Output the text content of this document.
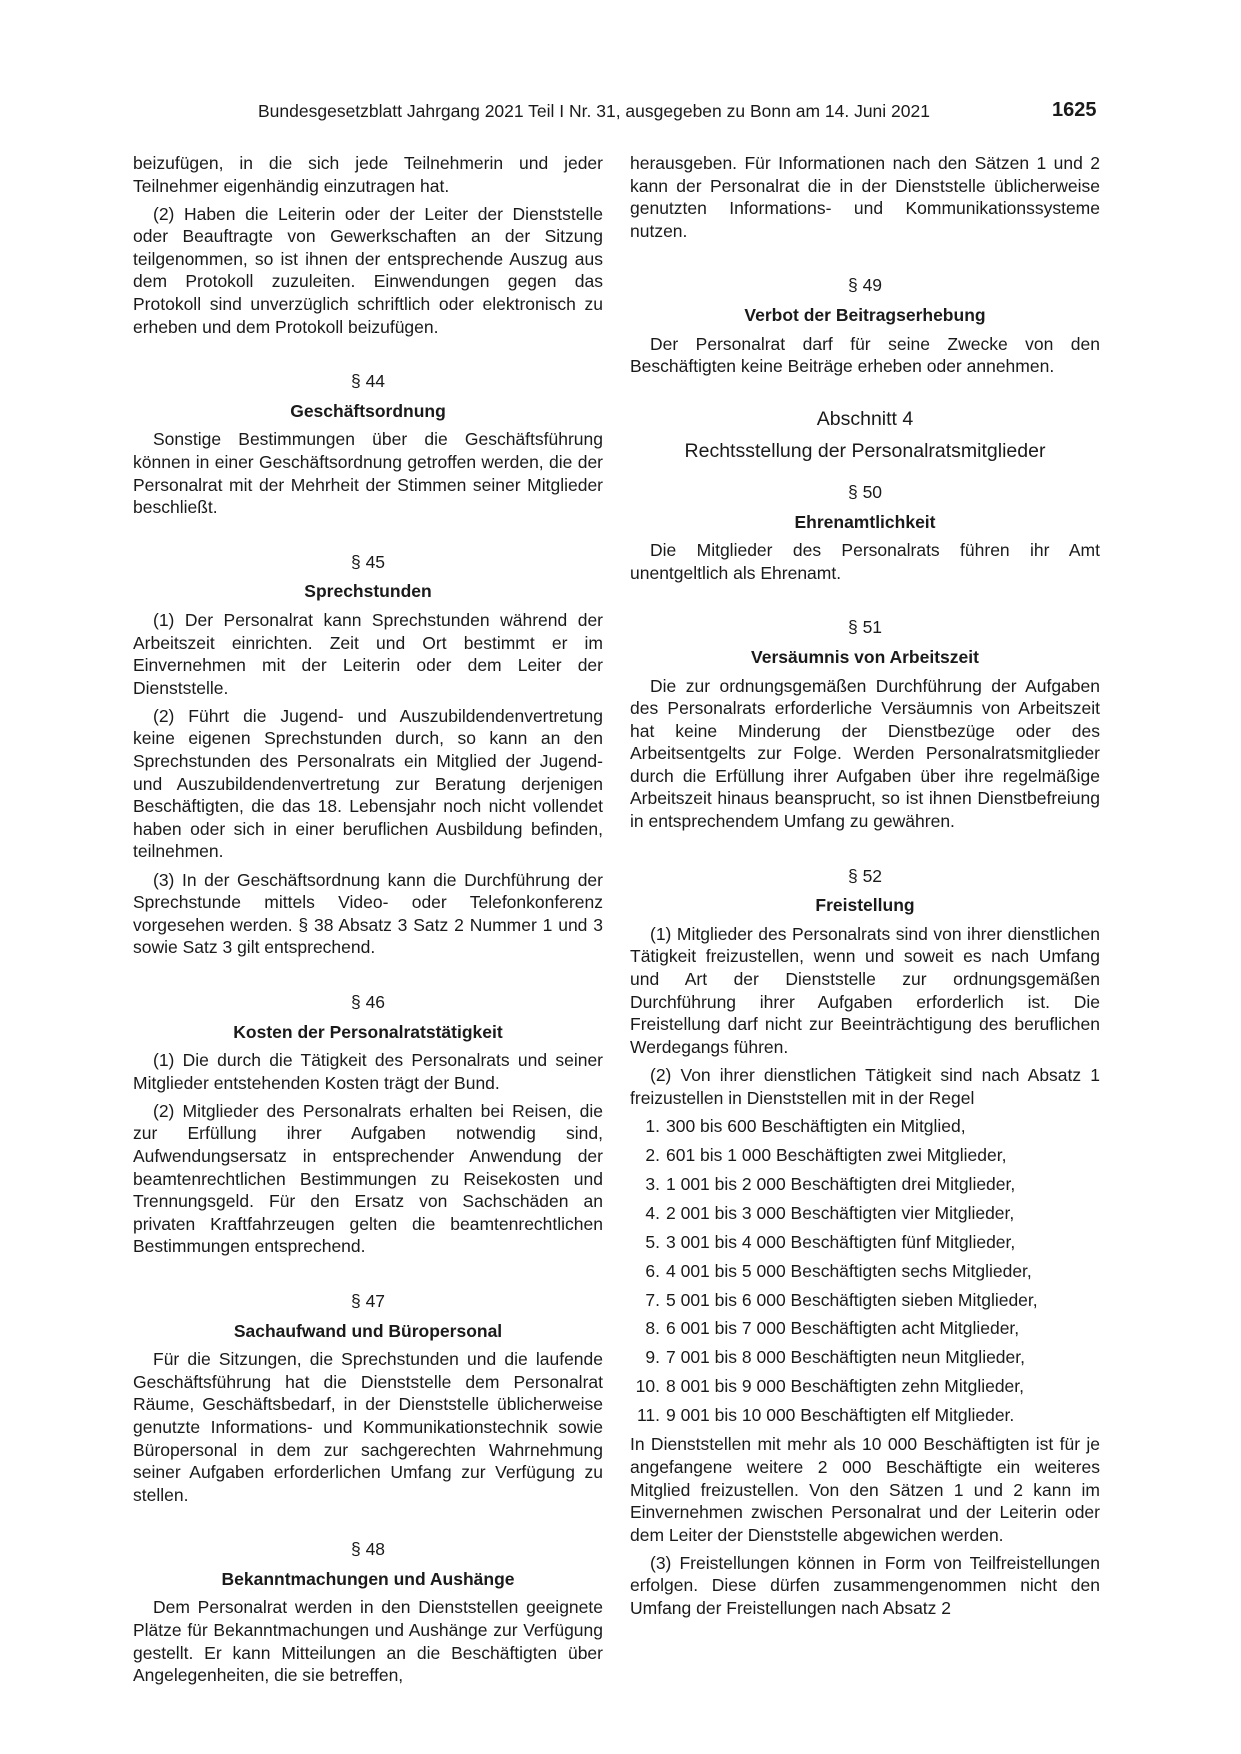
Bundesgesetzblatt Jahrgang 2021 Teil I Nr. 31, ausgegeben zu Bonn am 14. Juni 2021	1625

beizufügen, in die sich jede Teilnehmerin und jeder Teilnehmer eigenhändig einzutragen hat.

(2) Haben die Leiterin oder der Leiter der Dienststelle oder Beauftragte von Gewerkschaften an der Sitzung teilgenommen, so ist ihnen der entsprechende Auszug aus dem Protokoll zuzuleiten. Einwendungen gegen das Protokoll sind unverzüglich schriftlich oder elektronisch zu erheben und dem Protokoll beizufügen.

§ 44
Geschäftsordnung

Sonstige Bestimmungen über die Geschäftsführung können in einer Geschäftsordnung getroffen werden, die der Personalrat mit der Mehrheit der Stimmen seiner Mitglieder beschließt.

§ 45
Sprechstunden

(1) Der Personalrat kann Sprechstunden während der Arbeitszeit einrichten. Zeit und Ort bestimmt er im Einvernehmen mit der Leiterin oder dem Leiter der Dienststelle.

(2) Führt die Jugend- und Auszubildendenvertretung keine eigenen Sprechstunden durch, so kann an den Sprechstunden des Personalrats ein Mitglied der Jugend- und Auszubildendenvertretung zur Beratung derjenigen Beschäftigten, die das 18. Lebensjahr noch nicht vollendet haben oder sich in einer beruflichen Ausbildung befinden, teilnehmen.

(3) In der Geschäftsordnung kann die Durchführung der Sprechstunde mittels Video- oder Telefonkonferenz vorgesehen werden. § 38 Absatz 3 Satz 2 Nummer 1 und 3 sowie Satz 3 gilt entsprechend.

§ 46
Kosten der Personalratstätigkeit

(1) Die durch die Tätigkeit des Personalrats und seiner Mitglieder entstehenden Kosten trägt der Bund.

(2) Mitglieder des Personalrats erhalten bei Reisen, die zur Erfüllung ihrer Aufgaben notwendig sind, Aufwendungsersatz in entsprechender Anwendung der beamtenrechtlichen Bestimmungen zu Reisekosten und Trennungsgeld. Für den Ersatz von Sachschäden an privaten Kraftfahrzeugen gelten die beamtenrechtlichen Bestimmungen entsprechend.

§ 47
Sachaufwand und Büropersonal

Für die Sitzungen, die Sprechstunden und die laufende Geschäftsführung hat die Dienststelle dem Personalrat Räume, Geschäftsbedarf, in der Dienststelle üblicherweise genutzte Informations- und Kommunikationstechnik sowie Büropersonal in dem zur sachgerechten Wahrnehmung seiner Aufgaben erforderlichen Umfang zur Verfügung zu stellen.

§ 48
Bekanntmachungen und Aushänge

Dem Personalrat werden in den Dienststellen geeignete Plätze für Bekanntmachungen und Aushänge zur Verfügung gestellt. Er kann Mitteilungen an die Beschäftigten über Angelegenheiten, die sie betreffen,

herausgeben. Für Informationen nach den Sätzen 1 und 2 kann der Personalrat die in der Dienststelle üblicherweise genutzten Informations- und Kommunikationssysteme nutzen.

§ 49
Verbot der Beitragserhebung

Der Personalrat darf für seine Zwecke von den Beschäftigten keine Beiträge erheben oder annehmen.

Abschnitt 4
Rechtsstellung der Personalratsmitglieder
§ 50
Ehrenamtlichkeit

Die Mitglieder des Personalrats führen ihr Amt unentgeltlich als Ehrenamt.

§ 51
Versäumnis von Arbeitszeit

Die zur ordnungsgemäßen Durchführung der Aufgaben des Personalrats erforderliche Versäumnis von Arbeitszeit hat keine Minderung der Dienstbezüge oder des Arbeitsentgelts zur Folge. Werden Personalratsmitglieder durch die Erfüllung ihrer Aufgaben über ihre regelmäßige Arbeitszeit hinaus beansprucht, so ist ihnen Dienstbefreiung in entsprechendem Umfang zu gewähren.

§ 52
Freistellung

(1) Mitglieder des Personalrats sind von ihrer dienstlichen Tätigkeit freizustellen, wenn und soweit es nach Umfang und Art der Dienststelle zur ordnungsgemäßen Durchführung ihrer Aufgaben erforderlich ist. Die Freistellung darf nicht zur Beeinträchtigung des beruflichen Werdegangs führen.

(2) Von ihrer dienstlichen Tätigkeit sind nach Absatz 1 freizustellen in Dienststellen mit in der Regel

1. 300 bis 600 Beschäftigten ein Mitglied,
2. 601 bis 1 000 Beschäftigten zwei Mitglieder,
3. 1 001 bis 2 000 Beschäftigten drei Mitglieder,
4. 2 001 bis 3 000 Beschäftigten vier Mitglieder,
5. 3 001 bis 4 000 Beschäftigten fünf Mitglieder,
6. 4 001 bis 5 000 Beschäftigten sechs Mitglieder,
7. 5 001 bis 6 000 Beschäftigten sieben Mitglieder,
8. 6 001 bis 7 000 Beschäftigten acht Mitglieder,
9. 7 001 bis 8 000 Beschäftigten neun Mitglieder,
10. 8 001 bis 9 000 Beschäftigten zehn Mitglieder,
11. 9 001 bis 10 000 Beschäftigten elf Mitglieder.

In Dienststellen mit mehr als 10 000 Beschäftigten ist für je angefangene weitere 2 000 Beschäftigte ein weiteres Mitglied freizustellen. Von den Sätzen 1 und 2 kann im Einvernehmen zwischen Personalrat und der Leiterin oder dem Leiter der Dienststelle abgewichen werden.

(3) Freistellungen können in Form von Teilfreistellungen erfolgen. Diese dürfen zusammengenommen nicht den Umfang der Freistellungen nach Absatz 2
